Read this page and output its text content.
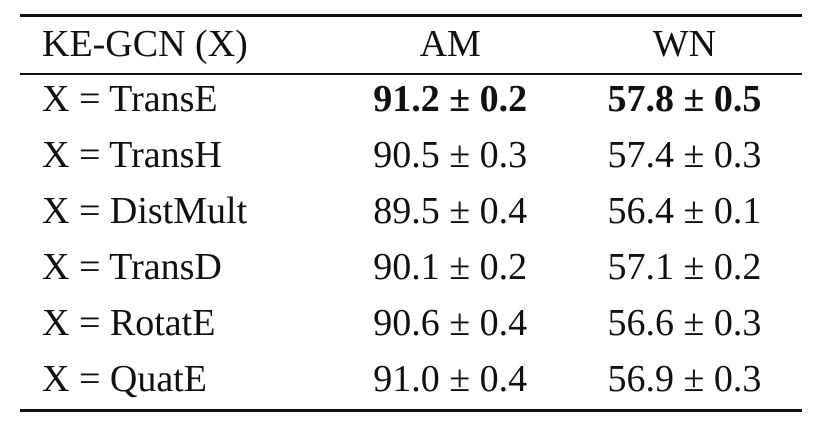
KE-GCN (X)	AM	WN
X = TransE	91.2 ± 0.2	57.8 ± 0.5
X = TransH	90.5 ± 0.3	57.4 ± 0.3
X = DistMult	89.5 ± 0.4	56.4 ± 0.1
X = TransD	90.1 ± 0.2	57.1 ± 0.2
X = RotatE	90.6 ± 0.4	56.6 ± 0.3
X = QuatE	91.0 ± 0.4	56.9 ± 0.3
